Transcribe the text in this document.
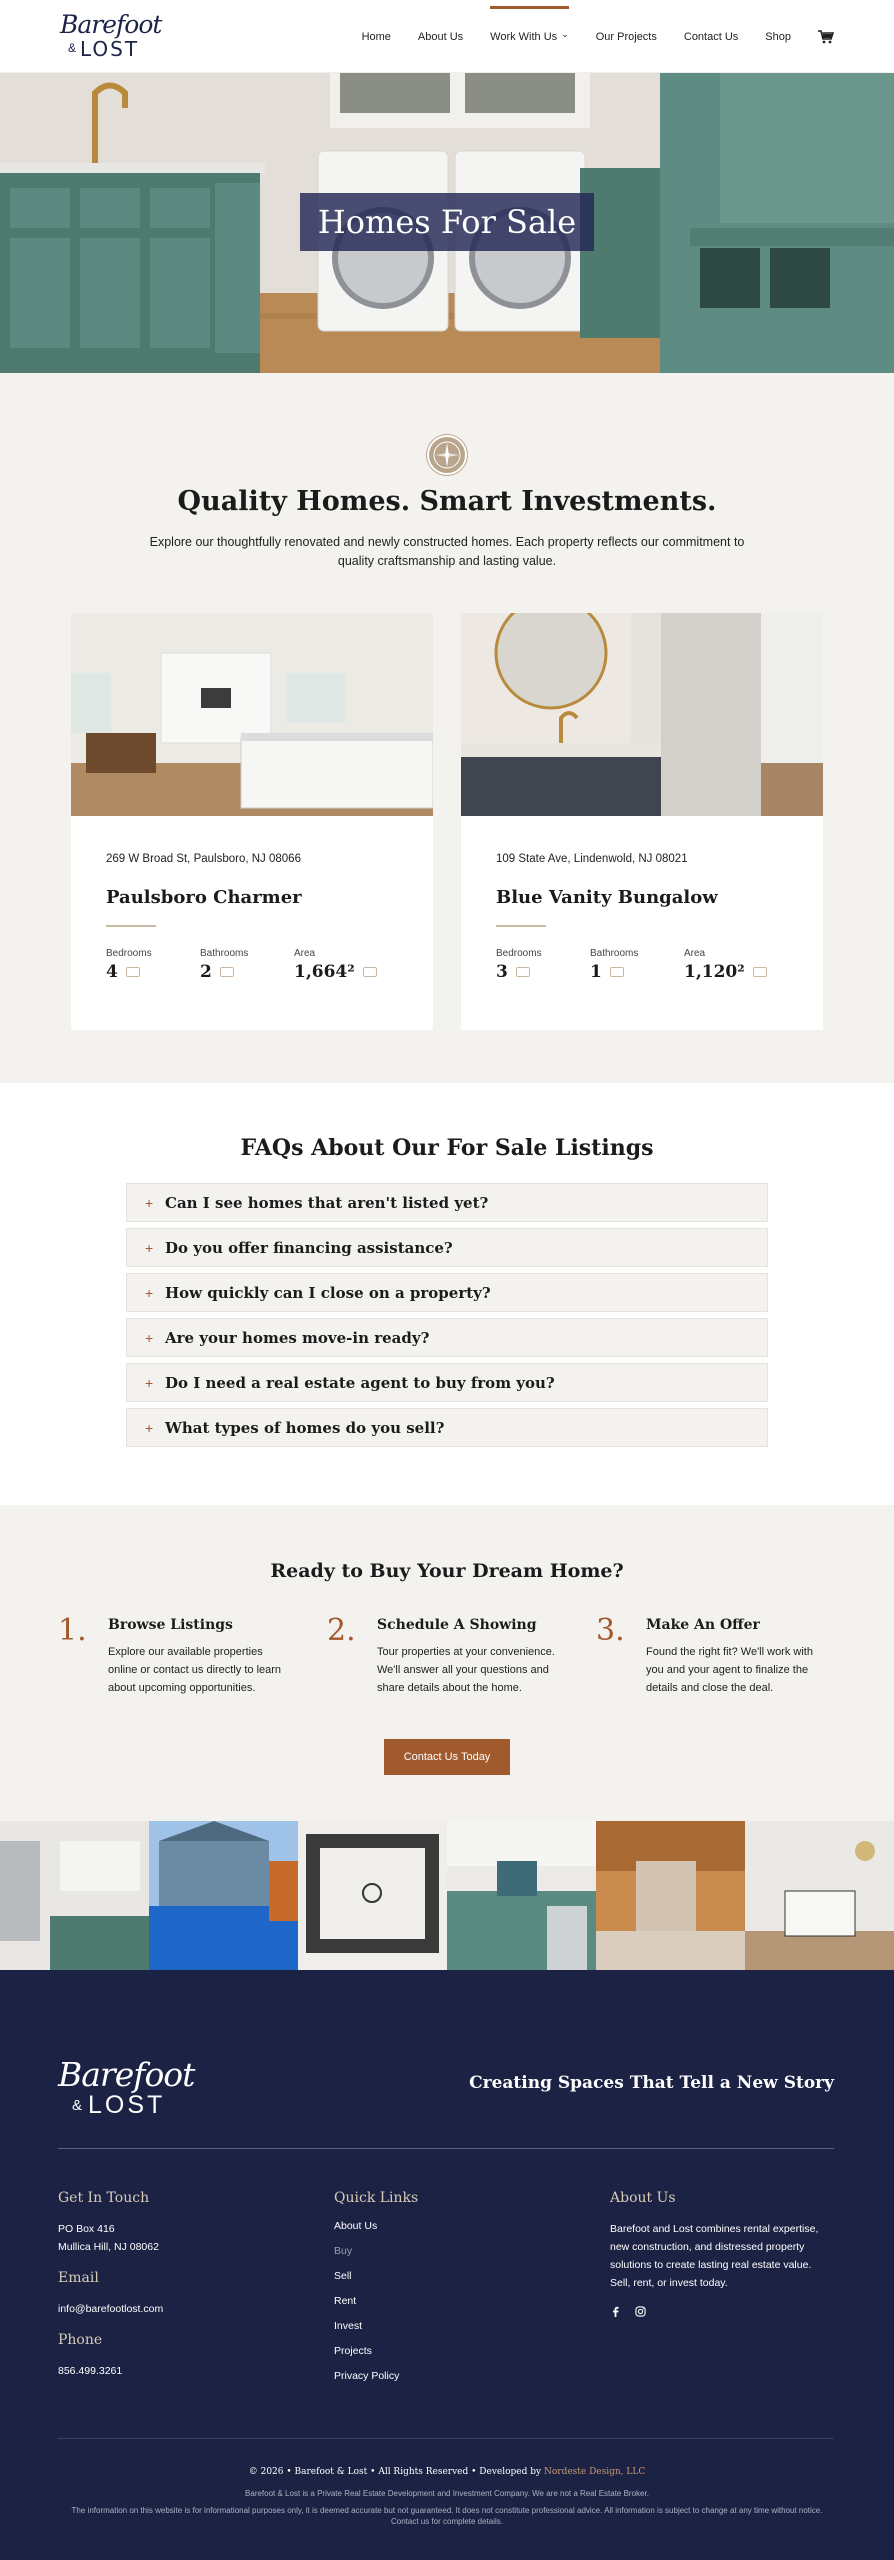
Barefoot
& LOST
Home About Us Work With Us ⌄ Our Projects Contact Us Shop
Homes For Sale
Quality Homes. Smart Investments.

Explore our thoughtfully renovated and newly constructed homes. Each property reflects our commitment to quality craftsmanship and lasting value.

269 W Broad St, Paulsboro, NJ 08066
Paulsboro Charmer
Bedrooms
4
Bathrooms
2
Area
1,664²
109 State Ave, Lindenwold, NJ 08021
Blue Vanity Bungalow
Bedrooms
3
Bathrooms
1
Area
1,120²
FAQs About Our For Sale Listings
+ Can I see homes that aren't listed yet?
+ Do you offer financing assistance?
+ How quickly can I close on a property?
+ Are your homes move-in ready?
+ Do I need a real estate agent to buy from you?
+ What types of homes do you sell?
Ready to Buy Your Dream Home?
1. Browse Listings
Explore our available properties online or contact us directly to learn about upcoming opportunities.
2. Schedule A Showing
Tour properties at your convenience. We'll answer all your questions and share details about the home.
3. Make An Offer
Found the right fit? We'll work with you and your agent to finalize the details and close the deal.
Contact Us Today
Barefoot
& LOST
Creating Spaces That Tell a New Story
Get In Touch
PO Box 416
Mullica Hill, NJ 08062
Email
info@barefootlost.com
Phone
856.499.3261
Quick Links
About Us
Buy
Sell
Rent
Invest
Projects
Privacy Policy
About Us
Barefoot and Lost combines rental expertise, new construction, and distressed property solutions to create lasting real estate value. Sell, rent, or invest today.
© 2026 • Barefoot & Lost • All Rights Reserved • Developed by Nordeste Design, LLC
Barefoot & Lost is a Private Real Estate Development and Investment Company. We are not a Real Estate Broker.
The information on this website is for informational purposes only, it is deemed accurate but not guaranteed. It does not constitute professional advice. All information is subject to change at any time without notice. Contact us for complete details.
